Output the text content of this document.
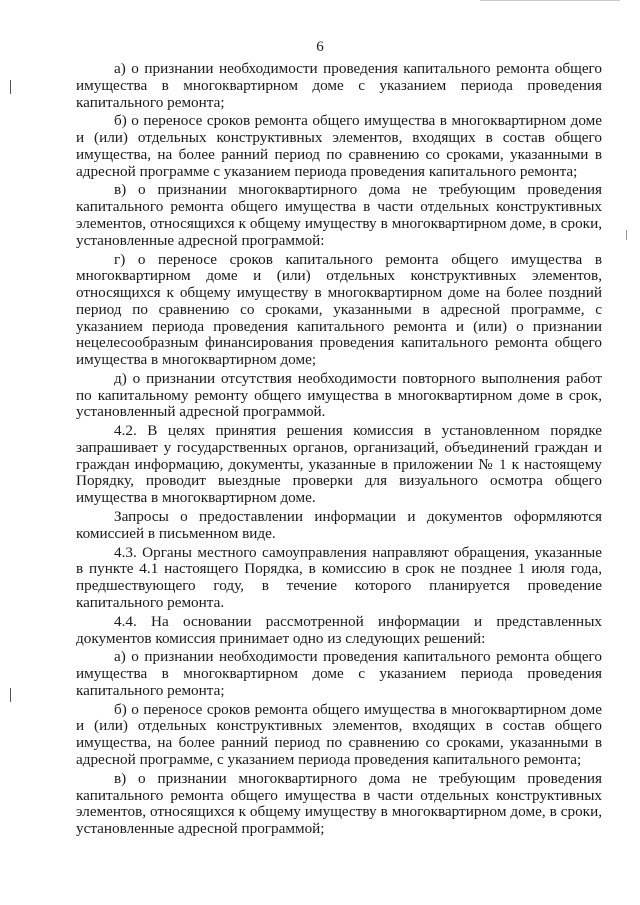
6

а) о признании необходимости проведения капитального ремонта общего имущества в многоквартирном доме с указанием периода проведения капитального ремонта;

б) о переносе сроков ремонта общего имущества в многоквартирном доме и (или) отдельных конструктивных элементов, входящих в состав общего имущества, на более ранний период по сравнению со сроками, указанными в адресной программе с указанием периода проведения капитального ремонта;

в) о признании многоквартирного дома не требующим проведения капитального ремонта общего имущества в части отдельных конструктивных элементов, относящихся к общему имуществу в многоквартирном доме, в сроки, установленные адресной программой:

г) о переносе сроков капитального ремонта общего имущества в многоквартирном доме и (или) отдельных конструктивных элементов, относящихся к общему имуществу в многоквартирном доме на более поздний период по сравнению со сроками, указанными в адресной программе, с указанием периода проведения капитального ремонта и (или) о признании нецелесообразным финансирования проведения капитального ремонта общего имущества в многоквартирном доме;

д) о признании отсутствия необходимости повторного выполнения работ по капитальному ремонту общего имущества в многоквартирном доме в срок, установленный адресной программой.

4.2. В целях принятия решения комиссия в установленном порядке запрашивает у государственных органов, организаций, объединений граждан и граждан информацию, документы, указанные в приложении № 1 к настоящему Порядку, проводит выездные проверки для визуального осмотра общего имущества в многоквартирном доме.

Запросы о предоставлении информации и документов оформляются комиссией в письменном виде.

4.3. Органы местного самоуправления направляют обращения, указанные в пункте 4.1 настоящего Порядка, в комиссию в срок не позднее 1 июля года, предшествующего году, в течение которого планируется проведение капитального ремонта.

4.4. На основании рассмотренной информации и представленных документов комиссия принимает одно из следующих решений:

а) о признании необходимости проведения капитального ремонта общего имущества в многоквартирном доме с указанием периода проведения капитального ремонта;

б) о переносе сроков ремонта общего имущества в многоквартирном доме и (или) отдельных конструктивных элементов, входящих в состав общего имущества, на более ранний период по сравнению со сроками, указанными в адресной программе, с указанием периода проведения капитального ремонта;

в) о признании многоквартирного дома не требующим проведения капитального ремонта общего имущества в части отдельных конструктивных элементов, относящихся к общему имуществу в многоквартирном доме, в сроки, установленные адресной программой;
